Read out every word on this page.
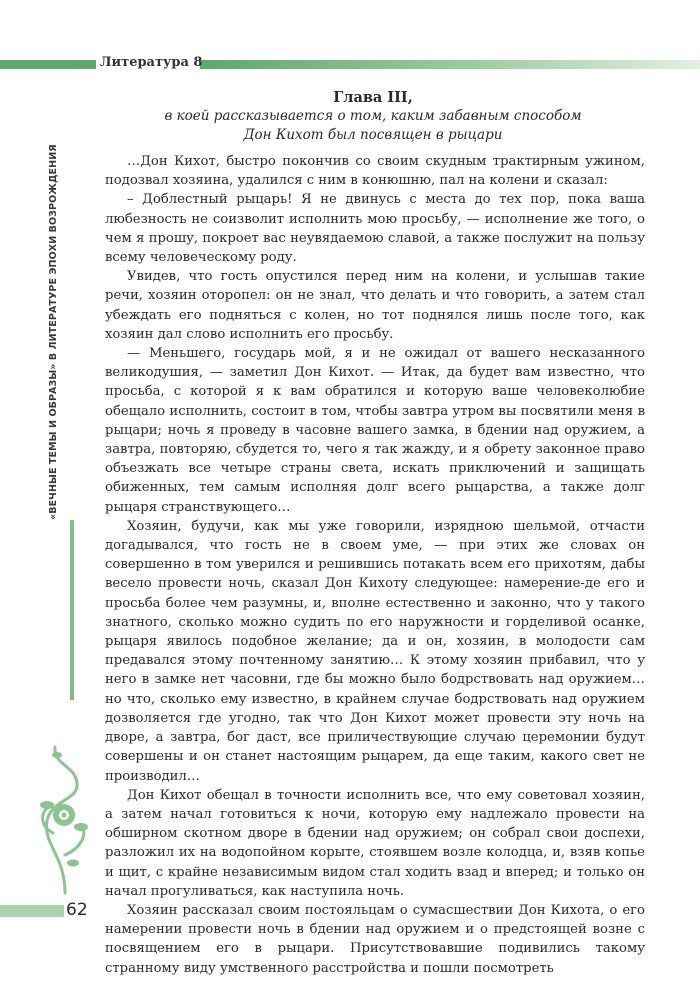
Литература 8
«ВЕЧНЫЕ ТЕМЫ И ОБРАЗЫ» В ЛИТЕРАТУРЕ ЭПОХИ ВОЗРОЖДЕНИЯ
62
Глава III,
в коей рассказывается о том, каким забавным способом
Дон Кихот был посвящен в рыцари

…Дон Кихот, быстро покончив со своим скудным трактирным ужином, подозвал хозяина, удалился с ним в конюшню, пал на колени и сказал:

– Доблестный рыцарь! Я не двинусь с места до тех пор, пока ваша любезность не соизволит исполнить мою просьбу, — исполнение же того, о чем я прошу, покроет вас неувядаемою славой, а также послужит на пользу всему человеческому роду.

Увидев, что гость опустился перед ним на колени, и услышав такие речи, хозяин оторопел: он не знал, что делать и что говорить, а затем стал убеждать его подняться с колен, но тот поднялся лишь после того, как хозяин дал слово исполнить его просьбу.

— Меньшего, государь мой, я и не ожидал от вашего несказанного великодушия, — заметил Дон Кихот. — Итак, да будет вам известно, что просьба, с которой я к вам обратился и которую ваше человеколюбие обещало исполнить, состоит в том, чтобы завтра утром вы посвятили меня в рыцари; ночь я проведу в часовне вашего замка, в бдении над оружием, а завтра, повторяю, сбудется то, чего я так жажду, и я обрету законное право объезжать все четыре страны света, искать приключений и защищать обиженных, тем самым исполняя долг всего рыцарства, а также долг рыцаря странствующего…

Хозяин, будучи, как мы уже говорили, изрядною шельмой, отчасти догадывался, что гость не в своем уме, — при этих же словах он совершенно в том уверился и решившись потакать всем его прихотям, дабы весело провести ночь, сказал Дон Кихоту следующее: намерение-де его и просьба более чем разумны, и, вполне естественно и законно, что у такого знатного, сколько можно судить по его наружности и горделивой осанке, рыцаря явилось подобное желание; да и он, хозяин, в молодости сам предавался этому почтенному занятию… К этому хозяин прибавил, что у него в замке нет часовни, где бы можно было бодрствовать над оружием… но что, сколько ему известно, в крайнем случае бодрствовать над оружием дозволяется где угодно, так что Дон Кихот может провести эту ночь на дворе, а завтра, бог даст, все приличествующие случаю церемонии будут совершены и он станет настоящим рыцарем, да еще таким, какого свет не производил…

Дон Кихот обещал в точности исполнить все, что ему советовал хозяин, а затем начал готовиться к ночи, которую ему надлежало провести на обширном скотном дворе в бдении над оружием; он собрал свои доспехи, разложил их на водопойном корыте, стоявшем возле колодца, и, взяв копье и щит, с крайне независимым видом стал ходить взад и вперед; и только он начал прогуливаться, как наступила ночь.

Хозяин рассказал своим постояльцам о сумасшествии Дон Кихота, о его намерении провести ночь в бдении над оружием и о предстоящей возне с посвящением его в рыцари. Присутствовавшие подивились такому странному виду умственного расстройства и пошли посмотреть
